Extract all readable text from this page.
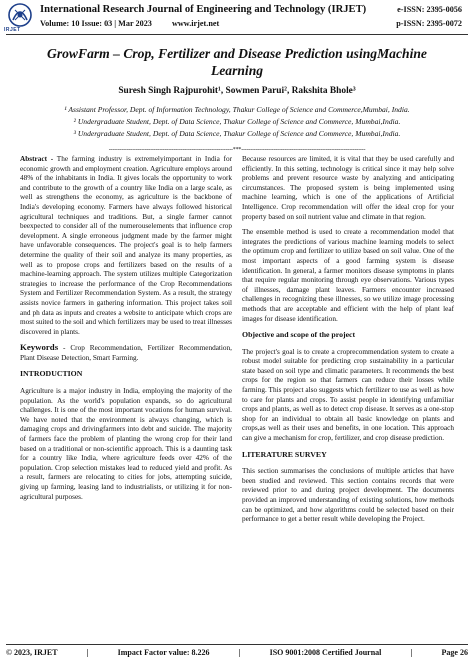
IRJET
International Research Journal of Engineering and Technology (IRJET)
Volume: 10 Issue: 03 | Mar 2023 www.irjet.net
e-ISSN: 2395-0056
p-ISSN: 2395-0072
GrowFarm – Crop, Fertilizer and Disease Prediction usingMachine
Learning
Suresh Singh Rajpurohit¹, Sowmen Parui², Rakshita Bhole³
¹ Assistant Professor, Dept. of Information Technology, Thakur College of Science and Commerce,Mumbai, India.
² Undergraduate Student, Dept. of Data Science, Thakur College of Science and Commerce, Mumbai,India.
³ Undergraduate Student, Dept. of Data Science, Thakur College of Science and Commerce, Mumbai,India.
---------------------------------------------------------------------***---------------------------------------------------------------------

Abstract - The farming industry is extremelyimportant in India for economic growth and employment creation. Agriculture employs around 48% of the inhabitants in India. It gives locals the opportunity to work and contribute to the growth of a country like India on a large scale, as well as strengthens the economy, as agriculture is the backbone of India's developing economy. Farmers have always followed historical agricultural techniques and traditions. But, a single farmer cannot beexpected to consider all of the numerouselements that influence crop development. A single erroneous judgment made by the farmer might have unfavorable consequences. The project's goal is to help farmers determine the quality of their soil and analyze its many properties, as well as to propose crops and fertilizers based on the results of a machine-learning approach. The system utilizes multiple Categorization strategies to increase the performance of the Crop Recommendations System and Fertilizer Recommendation System. As a result, the strategy assists novice farmers in gathering information. This project takes soil and ph data as inputs and creates a website to anticipate which crops are most suited to the soil and which fertilizers may be used to treat illnesses discovered in plants.

Keywords - Crop Recommendation, Fertilizer Recommendation, Plant Disease Detection, Smart Farming.

INTRODUCTION

Agriculture is a major industry in India, employing the majority of the population. As the world's population expands, so do agricultural challenges. It is one of the most important vocations for human survival. We have noted that the environment is always changing, which is damaging crops and drivingfarmers into debt and suicide. The majority of farmers face the problem of planting the wrong crop for their land based on a traditional or non-scientific approach. This is a daunting task for a country like India, where agriculture feeds over 42% of the population. Crop selection mistakes lead to reduced yield and profit. As a result, farmers are relocating to cities for jobs, attempting suicide, giving up farming, leasing land to industrialists, or utilizing it for non-agricultural purposes.

Because resources are limited, it is vital that they be used carefully and efficiently. In this setting, technology is critical since it may help solve problems and prevent resource waste by analyzing and anticipating circumstances. The proposed system is being implemented using machine learning, which is one of the applications of Artificial Intelligence. Crop recommendation will offer the ideal crop for your property based on soil nutrient value and climate in that region.

The ensemble method is used to create a recommendation model that integrates the predictions of various machine learning models to select the optimum crop and fertilizer to utilize based on soil value. One of the most important aspects of a good farming system is disease identification. In general, a farmer monitors disease symptoms in plants that require regular monitoring through eye observations. Various types of illnesses, damage plant leaves. Farmers encounter increased challenges in recognizing these illnesses, so we utilize image processing methods that are acceptable and efficient with the help of plant leaf images for disease identification.

Objective and scope of the project

The project's goal is to create a croprecommendation system to create a robust model suitable for predicting crop sustainability in a particular state based on soil type and climatic parameters. It recommends the best crops for the region so that farmers can reduce their losses while farming. This project also suggests which fertilizer to use as well as how to care for plants and crops. To assist people in identifying unfamiliar crops and plants, as well as to detect crop disease. It serves as a one-stop shop for an individual to obtain all basic knowledge on plants and crops,as well as their uses and benefits, in one location. This approach can give a mechanism for crop, fertilizer, and crop disease prediction.

LITERATURE SURVEY

This section summarises the conclusions of multiple articles that have been studied and reviewed. This section contains records that were reviewed prior to and during project development. The documents provided an improved understanding of existing solutions, how methods can be optimized, and how algorithms could be selected based on their performance to get a better result while developing the Project.

© 2023, IRJET	|	Impact Factor value: 8.226	|	ISO 9001:2008 Certified Journal	|	Page 26
